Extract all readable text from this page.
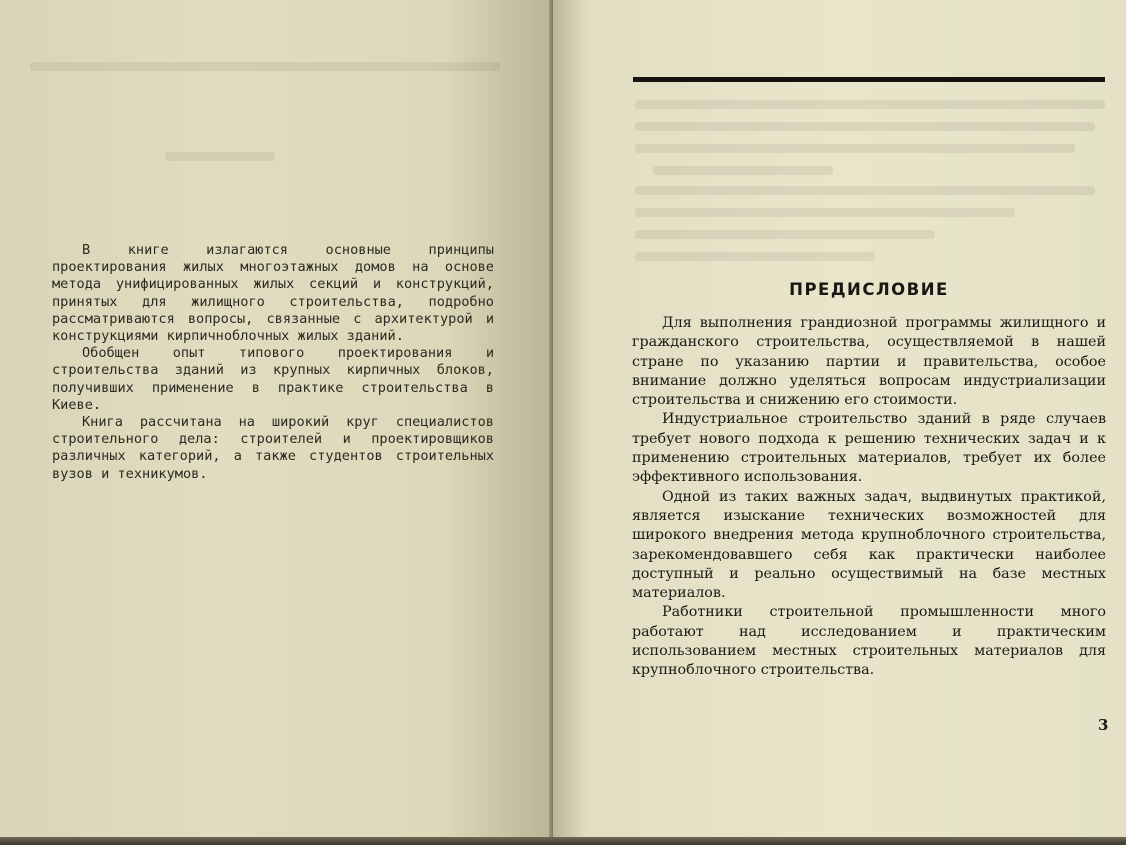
В книге излагаются основные принципы проектирования жилых многоэтажных домов на основе метода унифицированных жилых секций и конструкций, принятых для жилищного строительства, подробно рассматриваются вопросы, связанные с архитектурой и конструкциями кирпичноблочных жилых зданий.

Обобщен опыт типового проектирования и строительства зданий из крупных кирпичных блоков, получивших применение в практике строительства в Киеве.

Книга рассчитана на широкий круг специалистов строительного дела: строителей и проектировщиков различных категорий, а также студентов строительных вузов и техникумов.

ПРЕДИСЛОВИЕ

Для выполнения грандиозной программы жилищного и гражданского строительства, осуществляемой в нашей стране по указанию партии и правительства, особое внимание должно уделяться вопросам индустриализации строительства и снижению его стоимости.

Индустриальное строительство зданий в ряде случаев требует нового подхода к решению технических задач и к применению строительных материалов, требует их более эффективного использования.

Одной из таких важных задач, выдвинутых практикой, является изыскание технических возможностей для широкого внедрения метода крупноблочного строительства, зарекомендовавшего себя как практически наиболее доступный и реально осуществимый на базе местных материалов.

Работники строительной промышленности много работают над исследованием и практическим использованием местных строительных материалов для крупноблочного строительства.

3
